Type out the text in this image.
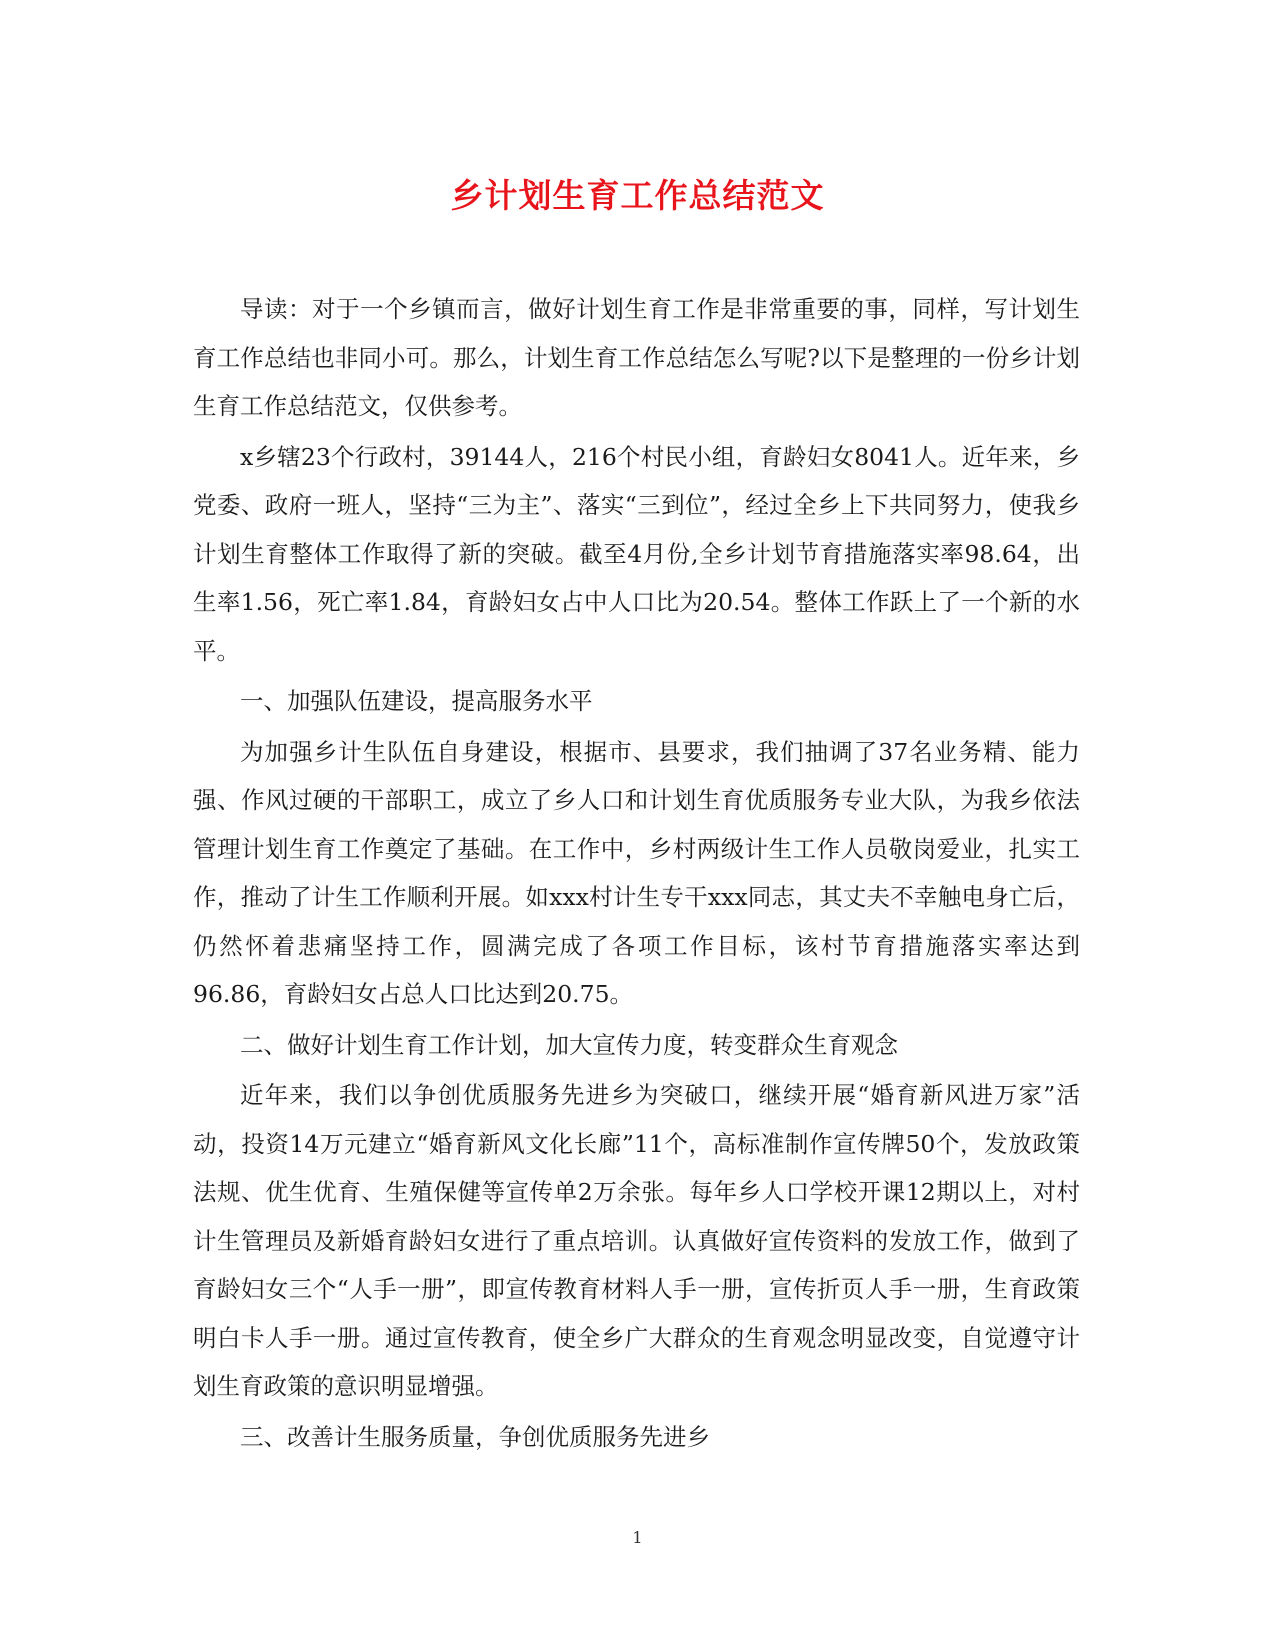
乡计划生育工作总结范文

导读：对于一个乡镇而言，做好计划生育工作是非常重要的事，同样，写计划生育工作总结也非同小可。那么，计划生育工作总结怎么写呢?以下是整理的一份乡计划生育工作总结范文，仅供参考。

x乡辖23个行政村，39144人，216个村民小组，育龄妇女8041人。近年来，乡党委、政府一班人，坚持“三为主”、落实“三到位”，经过全乡上下共同努力，使我乡计划生育整体工作取得了新的突破。截至4月份,全乡计划节育措施落实率98.64，出生率1.56，死亡率1.84，育龄妇女占中人口比为20.54。整体工作跃上了一个新的水平。

一、加强队伍建设，提高服务水平

为加强乡计生队伍自身建设，根据市、县要求，我们抽调了37名业务精、能力强、作风过硬的干部职工，成立了乡人口和计划生育优质服务专业大队，为我乡依法管理计划生育工作奠定了基础。在工作中，乡村两级计生工作人员敬岗爱业，扎实工作，推动了计生工作顺利开展。如xxx村计生专干xxx同志，其丈夫不幸触电身亡后，仍然怀着悲痛坚持工作，圆满完成了各项工作目标，该村节育措施落实率达到96.86，育龄妇女占总人口比达到20.75。

二、做好计划生育工作计划，加大宣传力度，转变群众生育观念

近年来，我们以争创优质服务先进乡为突破口，继续开展“婚育新风进万家”活动，投资14万元建立“婚育新风文化长廊”11个，高标准制作宣传牌50个，发放政策法规、优生优育、生殖保健等宣传单2万余张。每年乡人口学校开课12期以上，对村计生管理员及新婚育龄妇女进行了重点培训。认真做好宣传资料的发放工作，做到了育龄妇女三个“人手一册”，即宣传教育材料人手一册，宣传折页人手一册，生育政策明白卡人手一册。通过宣传教育，使全乡广大群众的生育观念明显改变，自觉遵守计划生育政策的意识明显增强。

三、改善计生服务质量，争创优质服务先进乡

1
